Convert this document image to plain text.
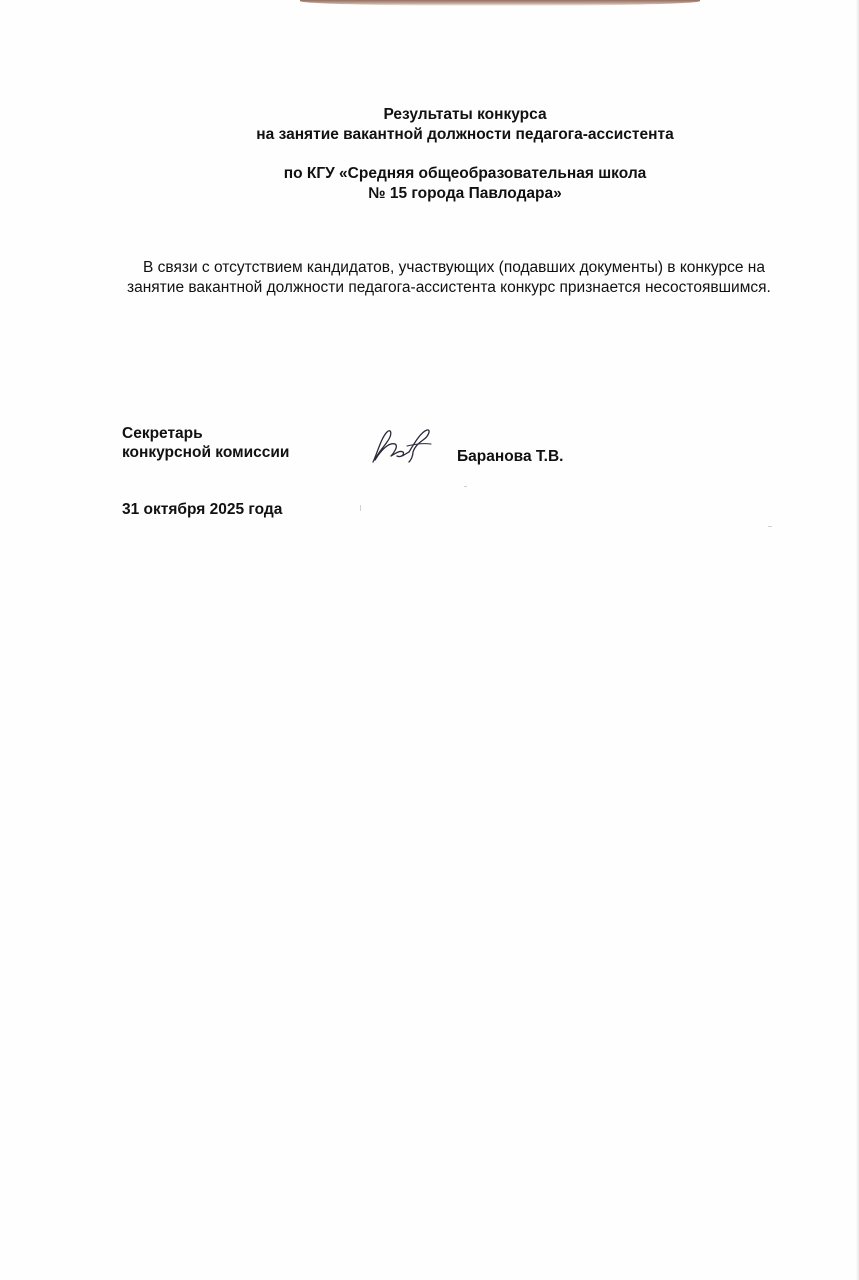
Результаты конкурса
на занятие вакантной должности педагога-ассистента
по КГУ «Средняя общеобразовательная школа
№ 15 города Павлодара»
В связи с отсутствием кандидатов, участвующих (подавших документы) в конкурсе на
занятие вакантной должности педагога-ассистента конкурс признается несостоявшимся.
Секретарь
конкурсной комиссии	Баранова Т.В.
31 октября 2025 года
